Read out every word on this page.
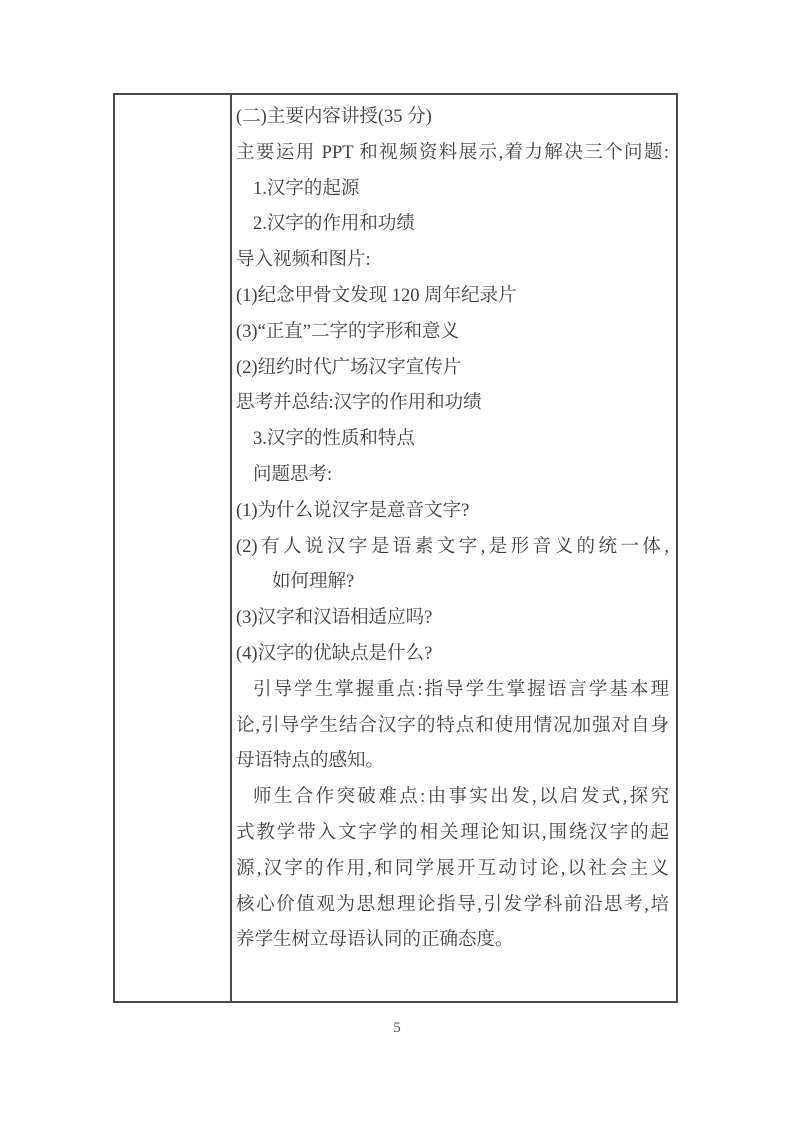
(二)主要内容讲授(35 分)
主要运用 PPT 和视频资料展示,着力解决三个问题:
1.汉字的起源
2.汉字的作用和功绩
导入视频和图片:
(1)纪念甲骨文发现 120 周年纪录片
(3)“正直”二字的字形和意义
(2)纽约时代广场汉字宣传片
思考并总结:汉字的作用和功绩
3.汉字的性质和特点
问题思考:
(1)为什么说汉字是意音文字?
(2)有人说汉字是语素文字,是形音义的统一体,
如何理解?
(3)汉字和汉语相适应吗?
(4)汉字的优缺点是什么?
引导学生掌握重点:指导学生掌握语言学基本理
论,引导学生结合汉字的特点和使用情况加强对自身
母语特点的感知。
师生合作突破难点:由事实出发,以启发式,探究
式教学带入文字学的相关理论知识,围绕汉字的起
源,汉字的作用,和同学展开互动讨论,以社会主义
核心价值观为思想理论指导,引发学科前沿思考,培
养学生树立母语认同的正确态度。
5
